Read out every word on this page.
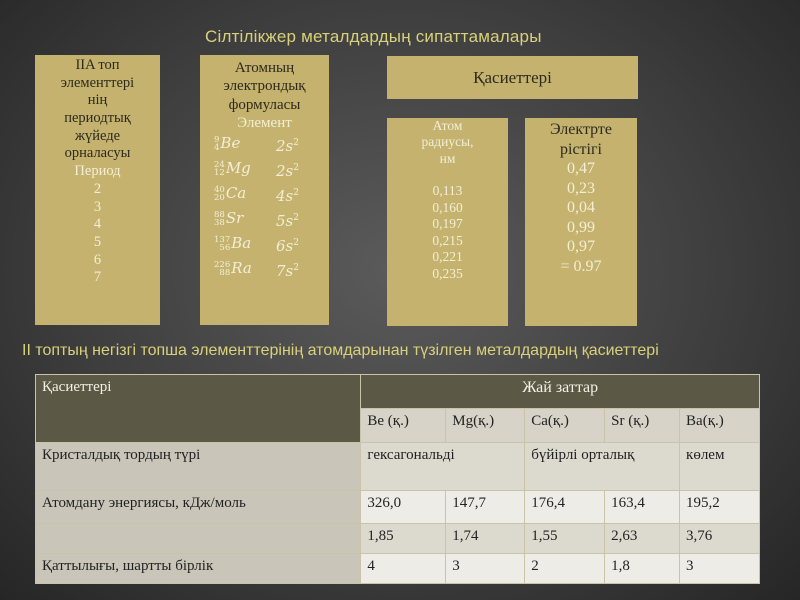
Сілтілікжер металдардың сипаттамалары
IIA топ
элементтері
нің
периодтық
жүйеде
орналасуы
Период
2
3
4
5
6
7
Атомның
электрондық
формуласы
Элемент
9
4 Be	$2s^2$
24
12 Mg	$2s^2$
40
20 Ca	$4s^2$
88
38 Sr	$5s^2$
137
56 Ba	$6s^2$
226
88 Ra	$7s^2$
Қасиеттері
Атом
радиусы,
нм
0,113
0,160
0,197
0,215
0,221
0,235
Электрте
рістігі
0,47
0,23
0,04
0,99
0,97
= 0.97
II топтың негізгі топша элементтерінің атомдарынан түзілген металдардың қасиеттері
Қасиеттері	Жай заттар				
	Be (қ.)	Mg(қ.)	Ca(қ.)	Sr (қ.)	Ba(қ.)
Кристалдық тордың түрі	гексагональді		бүйірлі орталық		көлем
Атомдану энергиясы, кДж/моль	326,0	147,7	176,4	163,4	195,2
	1,85	1,74	1,55	2,63	3,76
Қаттылығы, шартты бірлік	4	3	2	1,8	3
